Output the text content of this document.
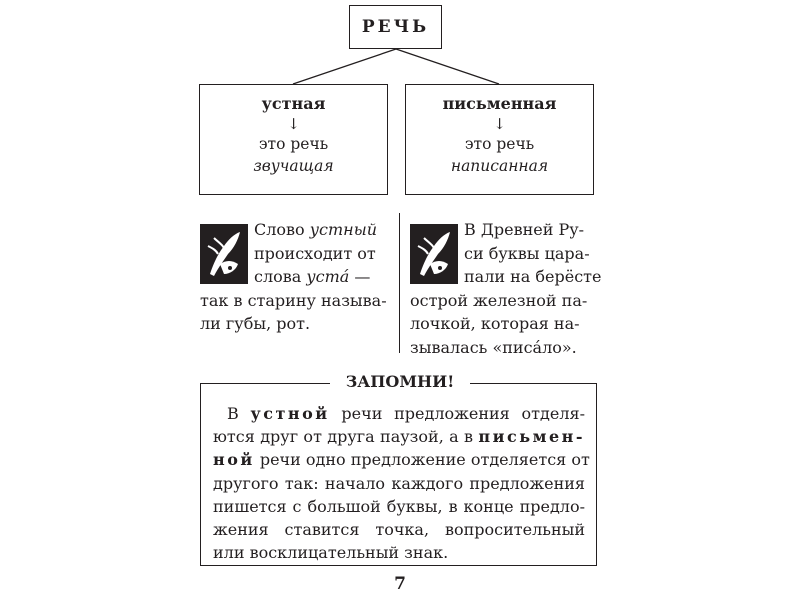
РЕЧЬ
устная
↓
это речь
звучащая
письменная
↓
это речь
написанная
Слово устный
происходит от
слова уста́ —
так в старину называ-
ли губы, рот.
В Древней Ру-
си буквы цара-
пали на берёсте
острой железной па-
лочкой, которая на-
зывалась «писа́ло».
ЗАПОМНИ!
В устной речи предложения отделя-
ются друг от друга паузой, а в письмен-
ной речи одно предложение отделяется от
другого так: начало каждого предложения
пишется с большой буквы, в конце предло-
жения ставится точка, вопросительный
или восклицательный знак.
7
